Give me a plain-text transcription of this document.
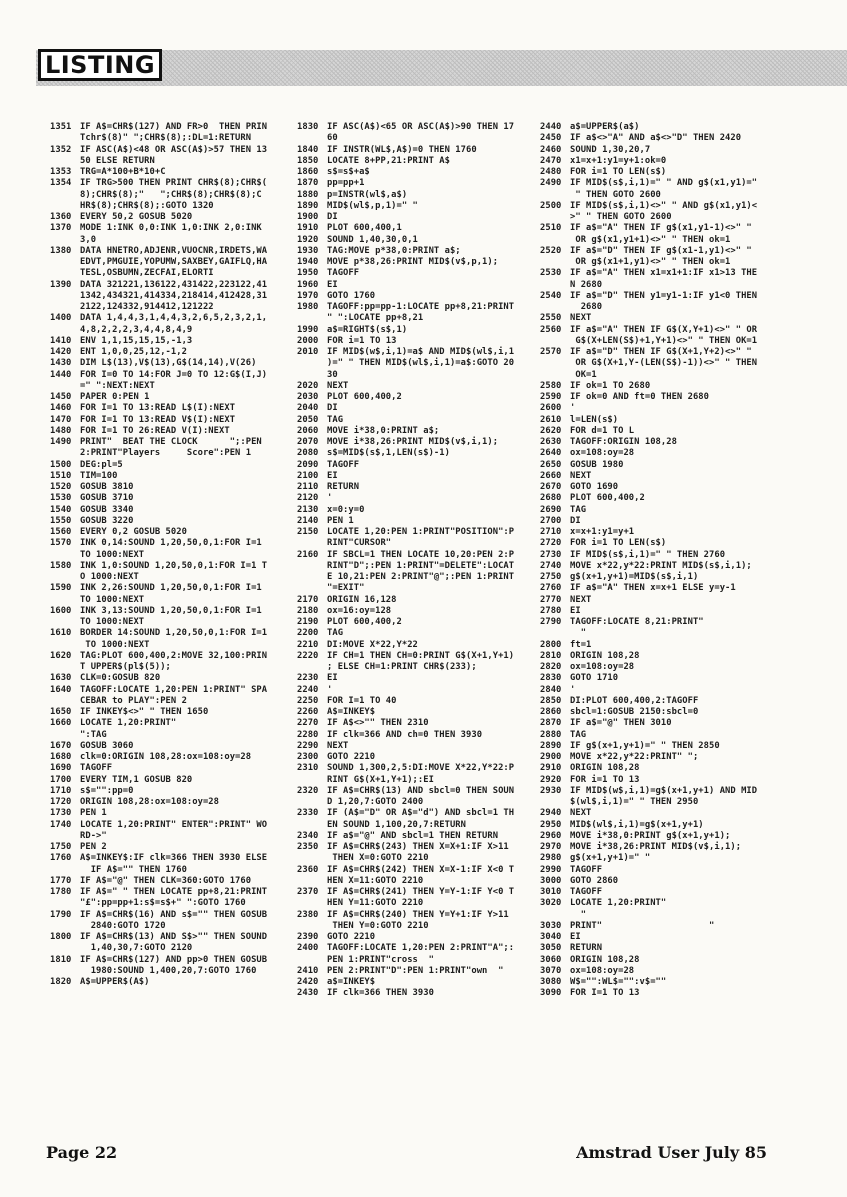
LISTING
1351 IF A$=CHR$(127) AND FR>0  THEN PRIN
Tchr$(8)" ";CHR$(8);:DL=1:RETURN
1352 IF ASC(A$)<48 OR ASC(A$)>57 THEN 13
50 ELSE RETURN
1353 TRG=A*100+B*10+C
1354 IF TRG>500 THEN PRINT CHR$(8);CHR$(
8);CHR$(8);"   ";CHR$(8);CHR$(8);C
HR$(8);CHR$(8);:GOTO 1320
1360 EVERY 50,2 GOSUB 5020
1370 MODE 1:INK 0,0:INK 1,0:INK 2,0:INK
3,0
1380 DATA HNETRO,ADJENR,VUOCNR,IRDETS,WA
EDVT,PMGUIE,YOPUMW,SAXBEY,GAIFLQ,HA
TESL,OSBUMN,ZECFAI,ELORTI
1390 DATA 321221,136122,431422,223122,41
1342,434321,414334,218414,412428,31
2122,124332,914412,121222
1400 DATA 1,4,4,3,1,4,4,3,2,6,5,2,3,2,1,
4,8,2,2,2,3,4,4,8,4,9
1410 ENV 1,1,15,15,15,-1,3
1420 ENT 1,0,0,25,12,-1,2
1430 DIM L$(13),V$(13),G$(14,14),V(26)
1440 FOR I=0 TO 14:FOR J=0 TO 12:G$(I,J)
=" ":NEXT:NEXT
1450 PAPER 0:PEN 1
1460 FOR I=1 TO 13:READ L$(I):NEXT
1470 FOR I=1 TO 13:READ V$(I):NEXT
1480 FOR I=1 TO 26:READ V(I):NEXT
1490 PRINT"  BEAT THE CLOCK      ";:PEN
2:PRINT"Players     Score":PEN 1
1500 DEG:pl=5
1510 TIM=100
1520 GOSUB 3810
1530 GOSUB 3710
1540 GOSUB 3340
1550 GOSUB 3220
1560 EVERY 0,2 GOSUB 5020
1570 INK 0,14:SOUND 1,20,50,0,1:FOR I=1
TO 1000:NEXT
1580 INK 1,0:SOUND 1,20,50,0,1:FOR I=1 T
O 1000:NEXT
1590 INK 2,26:SOUND 1,20,50,0,1:FOR I=1
TO 1000:NEXT
1600 INK 3,13:SOUND 1,20,50,0,1:FOR I=1
TO 1000:NEXT
1610 BORDER 14:SOUND 1,20,50,0,1:FOR I=1
TO 1000:NEXT
1620 TAG:PLOT 600,400,2:MOVE 32,100:PRIN
T UPPER$(pl$(5));
1630 CLK=0:GOSUB 820
1640 TAGOFF:LOCATE 1,20:PEN 1:PRINT" SPA
CEBAR to PLAY":PEN 2
1650 IF INKEY$<>" " THEN 1650
1660 LOCATE 1,20:PRINT"
":TAG
1670 GOSUB 3060
1680 clk=0:ORIGIN 108,28:ox=108:oy=28
1690 TAGOFF
1700 EVERY TIM,1 GOSUB 820
1710 s$="":pp=0
1720 ORIGIN 108,28:ox=108:oy=28
1730 PEN 1
1740 LOCATE 1,20:PRINT" ENTER":PRINT" WO
RD->"
1750 PEN 2
1760 A$=INKEY$:IF clk=366 THEN 3930 ELSE
IF A$="" THEN 1760
1770 IF A$="@" THEN CLK=360:GOTO 1760
1780 IF A$=" " THEN LOCATE pp+8,21:PRINT
"£":pp=pp+1:s$=s$+" ":GOTO 1760
1790 IF A$=CHR$(16) AND s$="" THEN GOSUB
2840:GOTO 1720
1800 IF A$=CHR$(13) AND S$>"" THEN SOUND
1,40,30,7:GOTO 2120
1810 IF A$=CHR$(127) AND pp>0 THEN GOSUB
1980:SOUND 1,400,20,7:GOTO 1760
1820 A$=UPPER$(A$)
1830 IF ASC(A$)<65 OR ASC(A$)>90 THEN 17
60
1840 IF INSTR(WL$,A$)=0 THEN 1760
1850 LOCATE 8+PP,21:PRINT A$
1860 s$=s$+a$
1870 pp=pp+1
1880 p=INSTR(wl$,a$)
1890 MID$(wl$,p,1)=" "
1900 DI
1910 PLOT 600,400,1
1920 SOUND 1,40,30,0,1
1930 TAG:MOVE p*38,0:PRINT a$;
1940 MOVE p*38,26:PRINT MID$(v$,p,1);
1950 TAGOFF
1960 EI
1970 GOTO 1760
1980 TAGOFF:pp=pp-1:LOCATE pp+8,21:PRINT
" ":LOCATE pp+8,21
1990 a$=RIGHT$(s$,1)
2000 FOR i=1 TO 13
2010 IF MID$(w$,i,1)=a$ AND MID$(wl$,i,1
)=" " THEN MID$(wl$,i,1)=a$:GOTO 20
30
2020 NEXT
2030 PLOT 600,400,2
2040 DI
2050 TAG
2060 MOVE i*38,0:PRINT a$;
2070 MOVE i*38,26:PRINT MID$(v$,i,1);
2080 s$=MID$(s$,1,LEN(s$)-1)
2090 TAGOFF
2100 EI
2110 RETURN
2120 '
2130 x=0:y=0
2140 PEN 1
2150 LOCATE 1,20:PEN 1:PRINT"POSITION":P
RINT"CURSOR"
2160 IF SBCL=1 THEN LOCATE 10,20:PEN 2:P
RINT"D";:PEN 1:PRINT"=DELETE":LOCAT
E 10,21:PEN 2:PRINT"@";:PEN 1:PRINT
"=EXIT"
2170 ORIGIN 16,128
2180 ox=16:oy=128
2190 PLOT 600,400,2
2200 TAG
2210 DI:MOVE X*22,Y*22
2220 IF CH=1 THEN CH=0:PRINT G$(X+1,Y+1)
; ELSE CH=1:PRINT CHR$(233);
2230 EI
2240 '
2250 FOR I=1 TO 40
2260 A$=INKEY$
2270 IF A$<>"" THEN 2310
2280 IF clk=366 AND ch=0 THEN 3930
2290 NEXT
2300 GOTO 2210
2310 SOUND 1,300,2,5:DI:MOVE X*22,Y*22:P
RINT G$(X+1,Y+1);:EI
2320 IF A$=CHR$(13) AND sbcl=0 THEN SOUN
D 1,20,7:GOTO 2400
2330 IF (A$="D" OR A$="d") AND sbcl=1 TH
EN SOUND 1,100,20,7:RETURN
2340 IF a$="@" AND sbcl=1 THEN RETURN
2350 IF A$=CHR$(243) THEN X=X+1:IF X>11
THEN X=0:GOTO 2210
2360 IF A$=CHR$(242) THEN X=X-1:IF X<0 T
HEN X=11:GOTO 2210
2370 IF A$=CHR$(241) THEN Y=Y-1:IF Y<0 T
HEN Y=11:GOTO 2210
2380 IF A$=CHR$(240) THEN Y=Y+1:IF Y>11
THEN Y=0:GOTO 2210
2390 GOTO 2210
2400 TAGOFF:LOCATE 1,20:PEN 2:PRINT"A";:
PEN 1:PRINT"cross  "
2410 PEN 2:PRINT"D":PEN 1:PRINT"own  "
2420 a$=INKEY$
2430 IF clk=366 THEN 3930
2440 a$=UPPER$(a$)
2450 IF a$<>"A" AND a$<>"D" THEN 2420
2460 SOUND 1,30,20,7
2470 x1=x+1:y1=y+1:ok=0
2480 FOR i=1 TO LEN(s$)
2490 IF MID$(s$,i,1)=" " AND g$(x1,y1)="
" THEN GOTO 2600
2500 IF MID$(s$,i,1)<>" " AND g$(x1,y1)<
>" " THEN GOTO 2600
2510 IF a$="A" THEN IF g$(x1,y1-1)<>" "
OR g$(x1,y1+1)<>" " THEN ok=1
2520 IF a$="D" THEN IF g$(x1-1,y1)<>" "
OR g$(x1+1,y1)<>" " THEN ok=1
2530 IF a$="A" THEN x1=x1+1:IF x1>13 THE
N 2680
2540 IF a$="D" THEN y1=y1-1:IF y1<0 THEN
2680
2550 NEXT
2560 IF a$="A" THEN IF G$(X,Y+1)<>" " OR
G$(X+LEN(S$)+1,Y+1)<>" " THEN OK=1
2570 IF a$="D" THEN IF G$(X+1,Y+2)<>" "
OR G$(X+1,Y-(LEN(S$)-1))<>" " THEN
OK=1
2580 IF ok=1 TO 2680
2590 IF ok=0 AND ft=0 THEN 2680
2600 '
2610 l=LEN(s$)
2620 FOR d=1 TO L
2630 TAGOFF:ORIGIN 108,28
2640 ox=108:oy=28
2650 GOSUB 1980
2660 NEXT
2670 GOTO 1690
2680 PLOT 600,400,2
2690 TAG
2700 DI
2710 x=x+1:y1=y+1
2720 FOR i=1 TO LEN(s$)
2730 IF MID$(s$,i,1)=" " THEN 2760
2740 MOVE x*22,y*22:PRINT MID$(s$,i,1);
2750 g$(x+1,y+1)=MID$(s$,i,1)
2760 IF a$="A" THEN x=x+1 ELSE y=y-1
2770 NEXT
2780 EI
2790 TAGOFF:LOCATE 8,21:PRINT"
"
2800 ft=1
2810 ORIGIN 108,28
2820 ox=108:oy=28
2830 GOTO 1710
2840 '
2850 DI:PLOT 600,400,2:TAGOFF
2860 sbcl=1:GOSUB 2150:sbcl=0
2870 IF a$="@" THEN 3010
2880 TAG
2890 IF g$(x+1,y+1)=" " THEN 2850
2900 MOVE x*22,y*22:PRINT" ";
2910 ORIGIN 108,28
2920 FOR i=1 TO 13
2930 IF MID$(w$,i,1)=g$(x+1,y+1) AND MID
$(wl$,i,1)=" " THEN 2950
2940 NEXT
2950 MID$(wl$,i,1)=g$(x+1,y+1)
2960 MOVE i*38,0:PRINT g$(x+1,y+1);
2970 MOVE i*38,26:PRINT MID$(v$,i,1);
2980 g$(x+1,y+1)=" "
2990 TAGOFF
3000 GOTO 2860
3010 TAGOFF
3020 LOCATE 1,20:PRINT"
"
3030 PRINT"                    "
3040 EI
3050 RETURN
3060 ORIGIN 108,28
3070 ox=108:oy=28
3080 W$="":WL$="":v$=""
3090 FOR I=1 TO 13
Page 22	Amstrad User July 85
